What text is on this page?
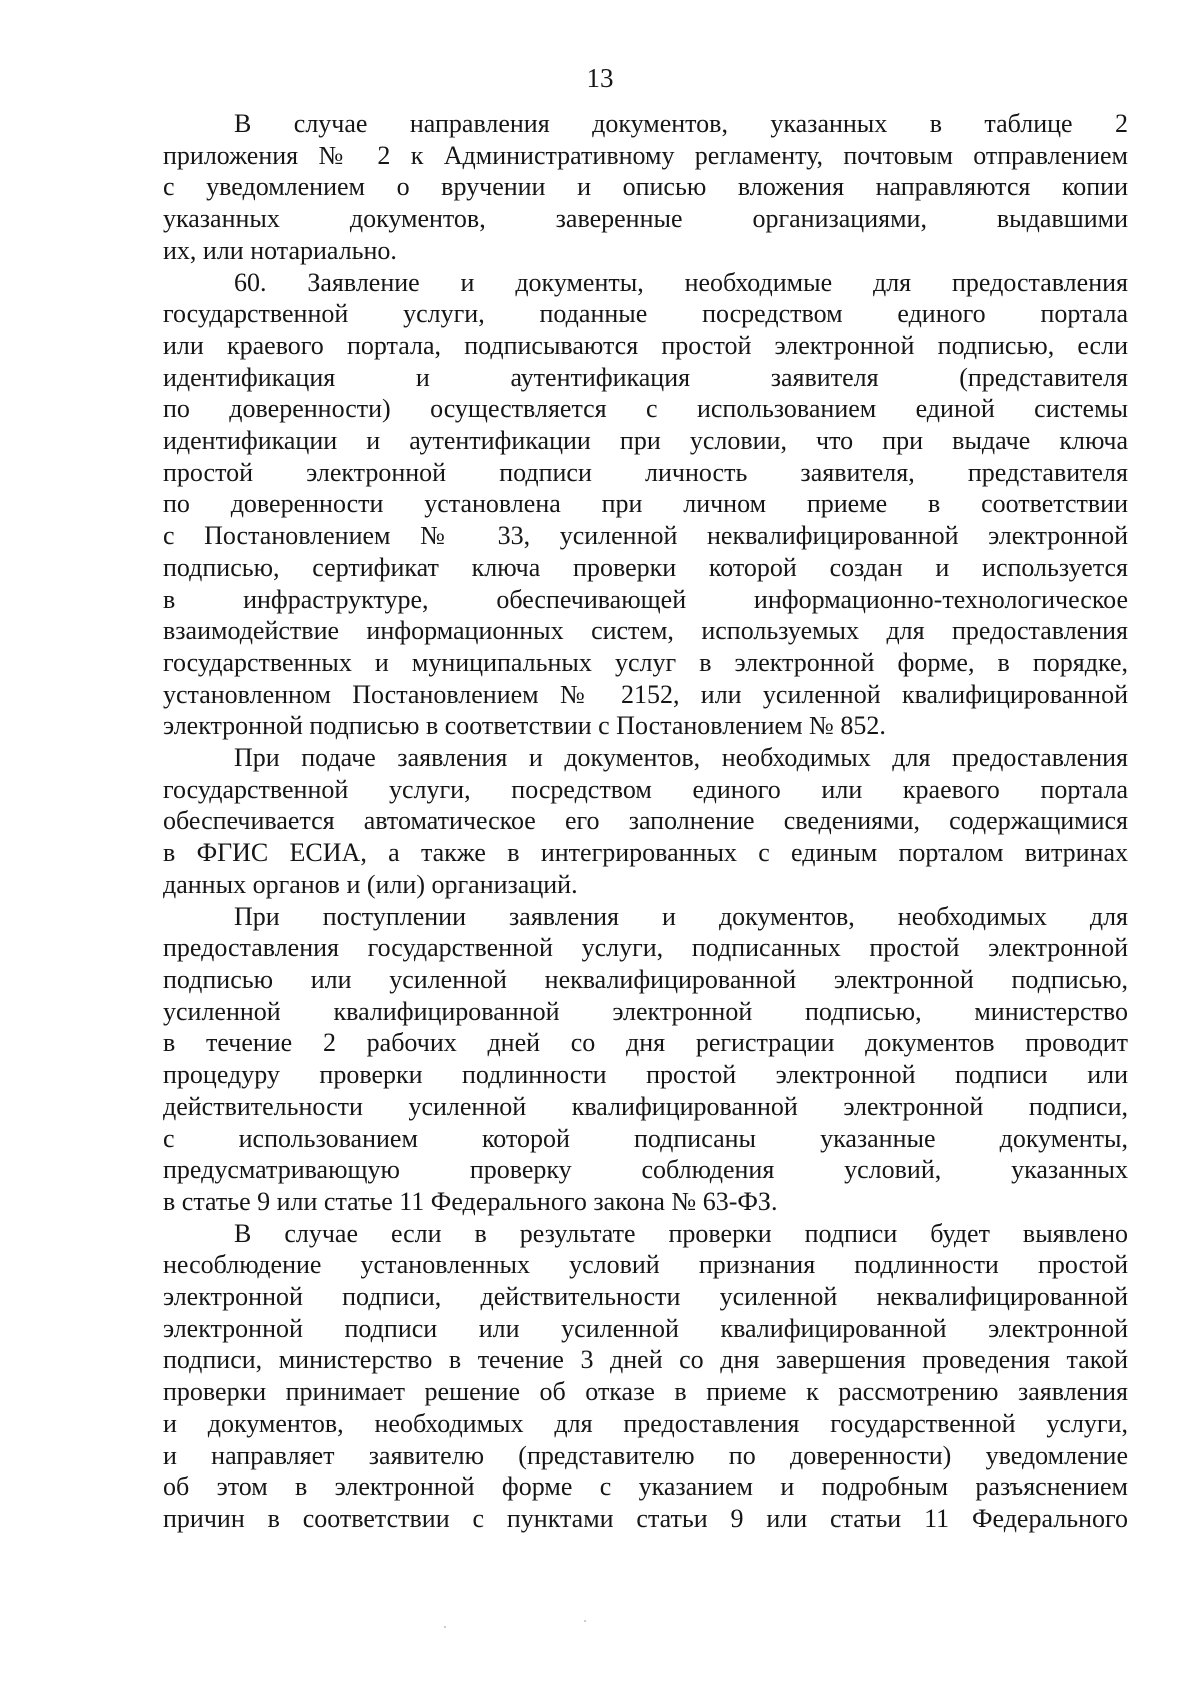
13
В случае направления документов, указанных в таблице 2
приложения № 2 к Административному регламенту, почтовым отправлением
с уведомлением о вручении и описью вложения направляются копии
указанных документов, заверенные организациями, выдавшими
их, или нотариально.
60. Заявление и документы, необходимые для предоставления
государственной услуги, поданные посредством единого портала
или краевого портала, подписываются простой электронной подписью, если
идентификация и аутентификация заявителя (представителя
по доверенности) осуществляется с использованием единой системы
идентификации и аутентификации при условии, что при выдаче ключа
простой электронной подписи личность заявителя, представителя
по доверенности установлена при личном приеме в соответствии
с Постановлением № 33, усиленной неквалифицированной электронной
подписью, сертификат ключа проверки которой создан и используется
в инфраструктуре, обеспечивающей информационно-технологическое
взаимодействие информационных систем, используемых для предоставления
государственных и муниципальных услуг в электронной форме, в порядке,
установленном Постановлением № 2152, или усиленной квалифицированной
электронной подписью в соответствии с Постановлением № 852.
При подаче заявления и документов, необходимых для предоставления
государственной услуги, посредством единого или краевого портала
обеспечивается автоматическое его заполнение сведениями, содержащимися
в ФГИС ЕСИА, а также в интегрированных с единым порталом витринах
данных органов и (или) организаций.
При поступлении заявления и документов, необходимых для
предоставления государственной услуги, подписанных простой электронной
подписью или усиленной неквалифицированной электронной подписью,
усиленной квалифицированной электронной подписью, министерство
в течение 2 рабочих дней со дня регистрации документов проводит
процедуру проверки подлинности простой электронной подписи или
действительности усиленной квалифицированной электронной подписи,
с использованием которой подписаны указанные документы,
предусматривающую проверку соблюдения условий, указанных
в статье 9 или статье 11 Федерального закона № 63-ФЗ.
В случае если в результате проверки подписи будет выявлено
несоблюдение установленных условий признания подлинности простой
электронной подписи, действительности усиленной неквалифицированной
электронной подписи или усиленной квалифицированной электронной
подписи, министерство в течение 3 дней со дня завершения проведения такой
проверки принимает решение об отказе в приеме к рассмотрению заявления
и документов, необходимых для предоставления государственной услуги,
и направляет заявителю (представителю по доверенности) уведомление
об этом в электронной форме с указанием и подробным разъяснением
причин в соответствии с пунктами статьи 9 или статьи 11 Федерального
